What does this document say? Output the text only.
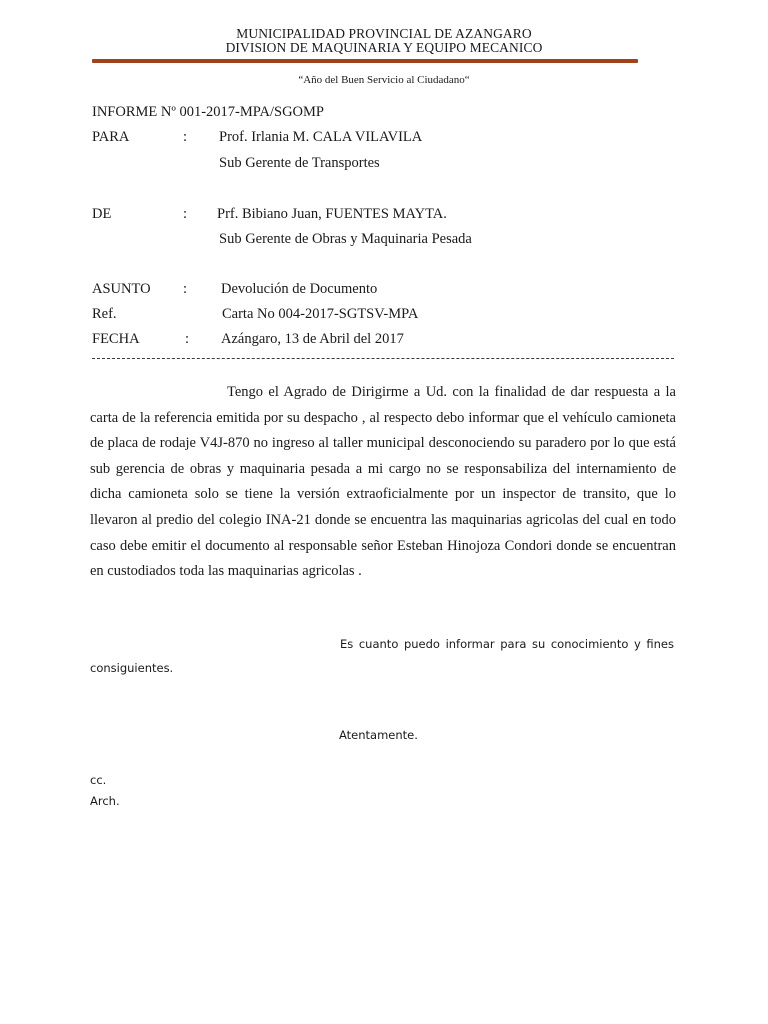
MUNICIPALIDAD PROVINCIAL DE AZANGARO
DIVISION DE MAQUINARIA Y EQUIPO MECANICO
“Año del Buen Servicio al Ciudadano“
INFORME Nº 001-2017-MPA/SGOMP
PARA	: Prof. Irlania M. CALA VILAVILA
Sub Gerente de Transportes
DE	: Prf. Bibiano Juan, FUENTES MAYTA.
Sub Gerente de Obras y Maquinaria Pesada
ASUNTO : Devolución de Documento
Ref.	Carta No 004-2017-SGTSV-MPA
FECHA	: Azángaro, 13 de Abril del 2017
Tengo el Agrado de Dirigirme a Ud. con la finalidad de dar respuesta a la carta de la referencia emitida por su despacho , al respecto debo informar que el vehículo camioneta de placa de rodaje V4J-870 no ingreso al taller municipal desconociendo su paradero por lo que está sub gerencia de obras y maquinaria pesada a mi cargo no se responsabiliza del internamiento de dicha camioneta solo se tiene la versión extraoficialmente por un inspector de transito, que lo llevaron al predio del colegio INA-21 donde se encuentra las maquinarias agricolas del cual en todo caso debe emitir el documento al responsable señor Esteban Hinojoza Condori donde se encuentran en custodiados toda las maquinarias agricolas .
Es cuanto puedo informar para su conocimiento y fines consiguientes.
Atentamente.
cc.
Arch.
